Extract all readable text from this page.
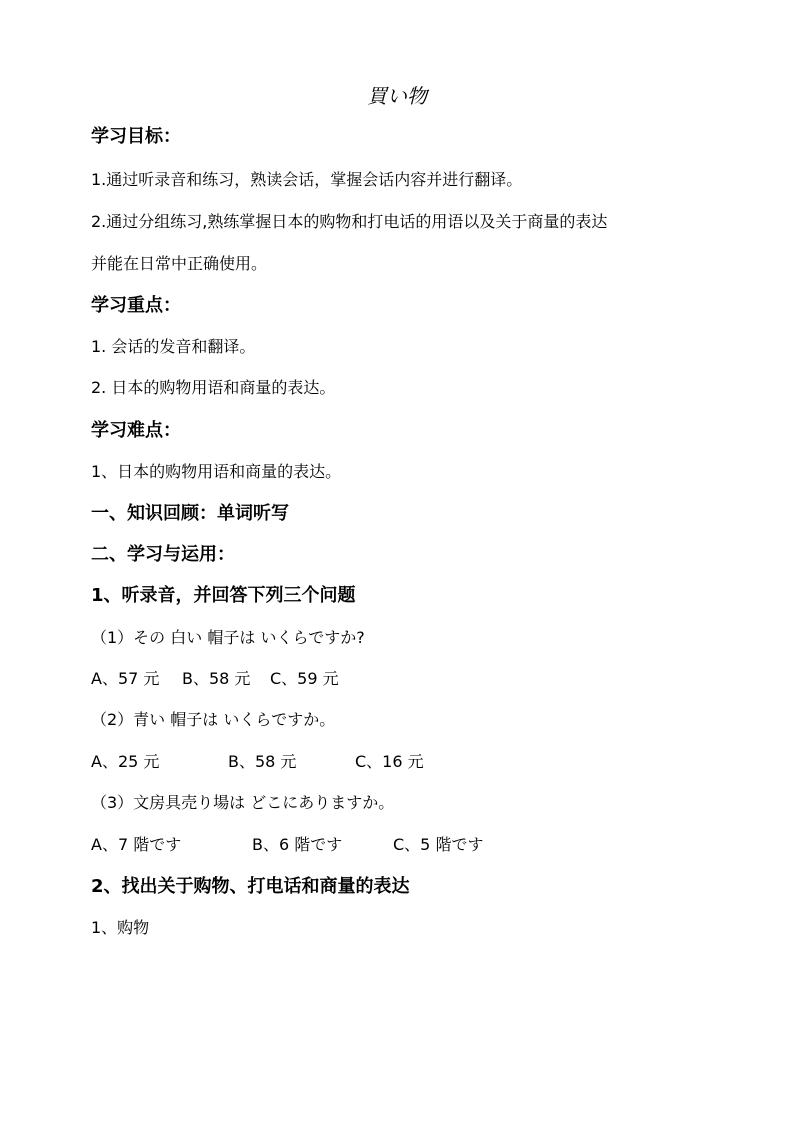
買い物
学习目标：
1.通过听录音和练习，熟读会话，掌握会话内容并进行翻译。
2.通过分组练习,熟练掌握日本的购物和打电话的用语以及关于商量的表达
并能在日常中正确使用。
学习重点：
1. 会话的发音和翻译。
2. 日本的购物用语和商量的表达。
学习难点：
1、日本的购物用语和商量的表达。
一、知识回顾：单词听写
二、学习与运用：
1、听录音，并回答下列三个问题
（1）その 白い 帽子は いくらですか?
A、57 元 B、58 元 C、59 元
（2）青い 帽子は いくらですか。
A、25 元	B、58 元	C、16 元
（3）文房具売り場は どこにありますか。
A、7 階です	B、6 階です	C、5 階です
2、找出关于购物、打电话和商量的表达
1、购物
